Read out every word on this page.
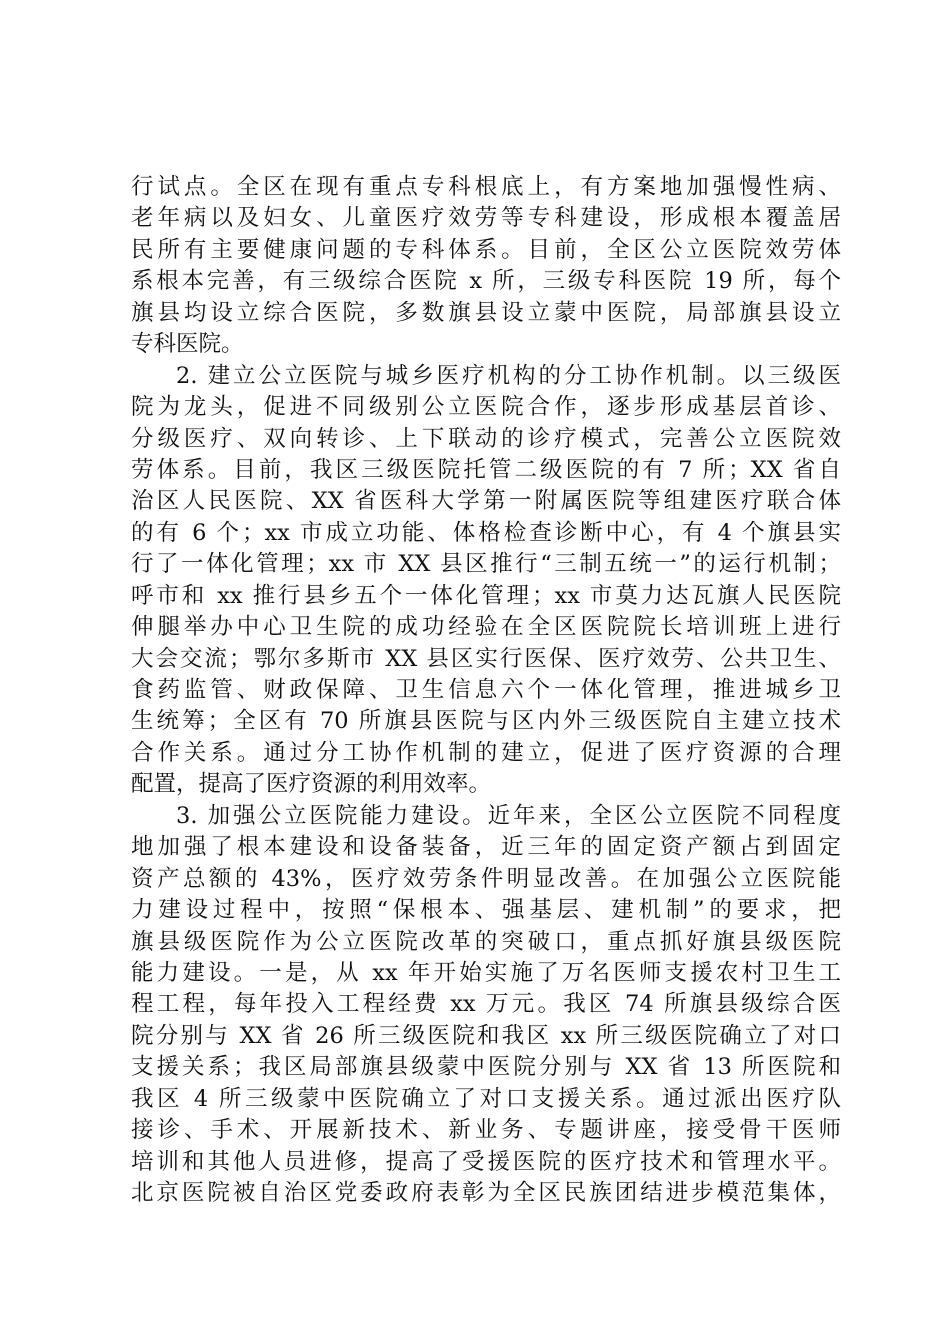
行试点。全区在现有重点专科根底上，有方案地加强慢性病、
老年病以及妇女、儿童医疗效劳等专科建设，形成根本覆盖居
民所有主要健康问题的专科体系。目前，全区公立医院效劳体
系根本完善，有三级综合医院 x 所，三级专科医院 19 所，每个
旗县均设立综合医院，多数旗县设立蒙中医院，局部旗县设立
专科医院。
2. 建立公立医院与城乡医疗机构的分工协作机制。以三级医
院为龙头，促进不同级别公立医院合作，逐步形成基层首诊、
分级医疗、双向转诊、上下联动的诊疗模式，完善公立医院效
劳体系。目前，我区三级医院托管二级医院的有 7 所；XX 省自
治区人民医院、XX 省医科大学第一附属医院等组建医疗联合体
的有 6 个；xx 市成立功能、体格检查诊断中心，有 4 个旗县实
行了一体化管理；xx 市 XX 县区推行“三制五统一”的运行机制；
呼市和 xx 推行县乡五个一体化管理；xx 市莫力达瓦旗人民医院
伸腿举办中心卫生院的成功经验在全区医院院长培训班上进行
大会交流；鄂尔多斯市 XX 县区实行医保、医疗效劳、公共卫生、
食药监管、财政保障、卫生信息六个一体化管理，推进城乡卫
生统筹；全区有 70 所旗县医院与区内外三级医院自主建立技术
合作关系。通过分工协作机制的建立，促进了医疗资源的合理
配置，提高了医疗资源的利用效率。
3. 加强公立医院能力建设。近年来，全区公立医院不同程度
地加强了根本建设和设备装备，近三年的固定资产额占到固定
资产总额的 43%，医疗效劳条件明显改善。在加强公立医院能
力建设过程中，按照“保根本、强基层、建机制”的要求，把
旗县级医院作为公立医院改革的突破口，重点抓好旗县级医院
能力建设。一是，从 xx 年开始实施了万名医师支援农村卫生工
程工程，每年投入工程经费 xx 万元。我区 74 所旗县级综合医
院分别与 XX 省 26 所三级医院和我区 xx 所三级医院确立了对口
支援关系；我区局部旗县级蒙中医院分别与 XX 省 13 所医院和
我区 4 所三级蒙中医院确立了对口支援关系。通过派出医疗队
接诊、手术、开展新技术、新业务、专题讲座，接受骨干医师
培训和其他人员进修，提高了受援医院的医疗技术和管理水平。
北京医院被自治区党委政府表彰为全区民族团结进步模范集体，
